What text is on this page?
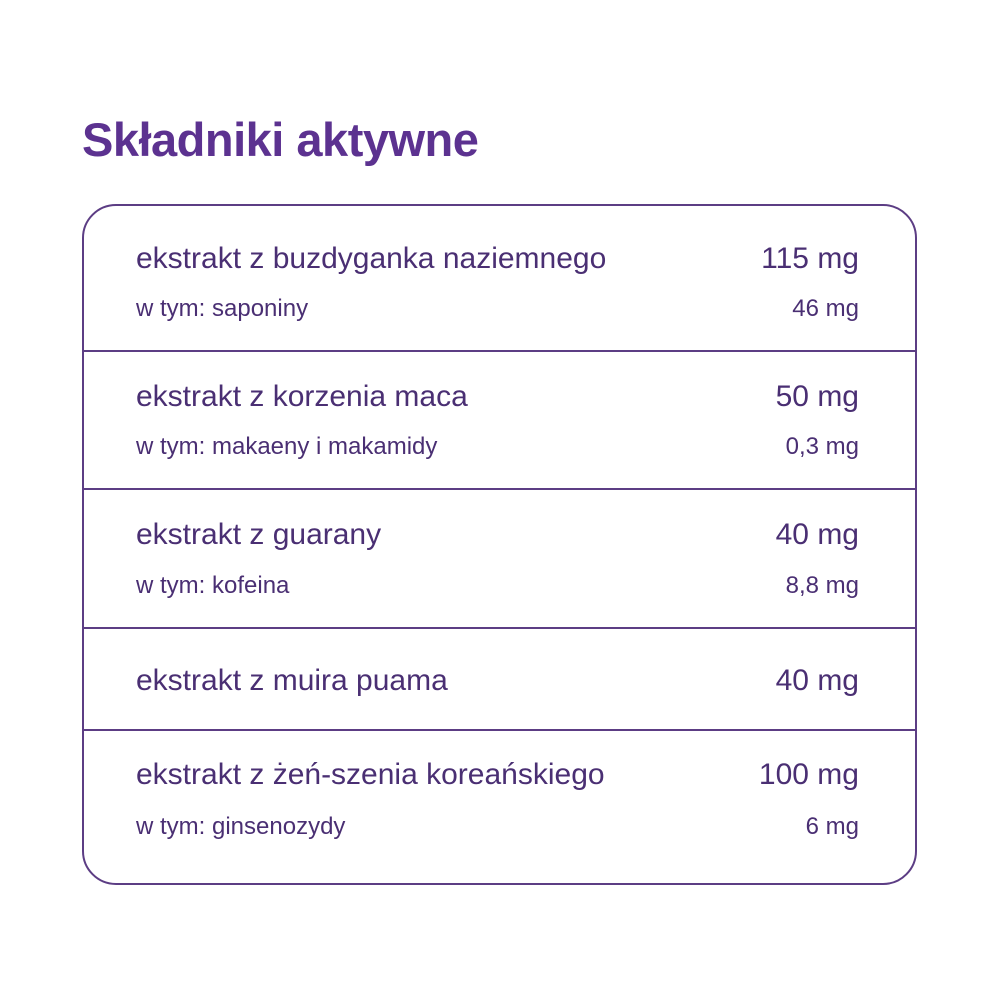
Składniki aktywne
ekstrakt z buzdyganka naziemnego	115 mg
w tym: saponiny	46 mg
ekstrakt z korzenia maca	50 mg
w tym: makaeny i makamidy	0,3 mg
ekstrakt z guarany	40 mg
w tym: kofeina	8,8 mg
ekstrakt z muira puama	40 mg
ekstrakt z żeń-szenia koreańskiego	100 mg
w tym: ginsenozydy	6 mg
